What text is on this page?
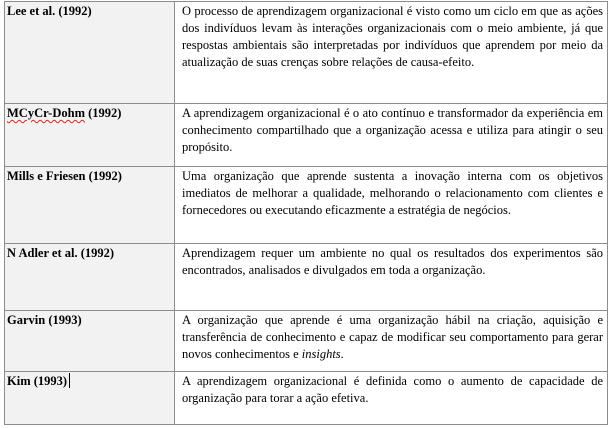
Lee et al. (1992)	O processo de aprendizagem organizacional é visto como um ciclo em que as ações dos indivíduos levam às interações organizacionais com o meio ambiente, já que respostas ambientais são interpretadas por indivíduos que aprendem por meio da atualização de suas crenças sobre relações de causa-efeito.

MCyCr-Dohm (1992)	A aprendizagem organizacional é o ato contínuo e transformador da experiência em conhecimento compartilhado que a organização acessa e utiliza para atingir o seu propósito.

Mills e Friesen (1992)	Uma organização que aprende sustenta a inovação interna com os objetivos imediatos de melhorar a qualidade, melhorando o relacionamento com clientes e fornecedores ou executando eficazmente a estratégia de negócios.

N Adler et al. (1992)	Aprendizagem requer um ambiente no qual os resultados dos experimentos são encontrados, analisados e divulgados em toda a organização.

Garvin (1993)	A organização que aprende é uma organização hábil na criação, aquisição e transferência de conhecimento e capaz de modificar seu comportamento para gerar novos conhecimentos e insights.

Kim (1993)	A aprendizagem organizacional é definida como o aumento de capacidade de organização para torar a ação efetiva.
